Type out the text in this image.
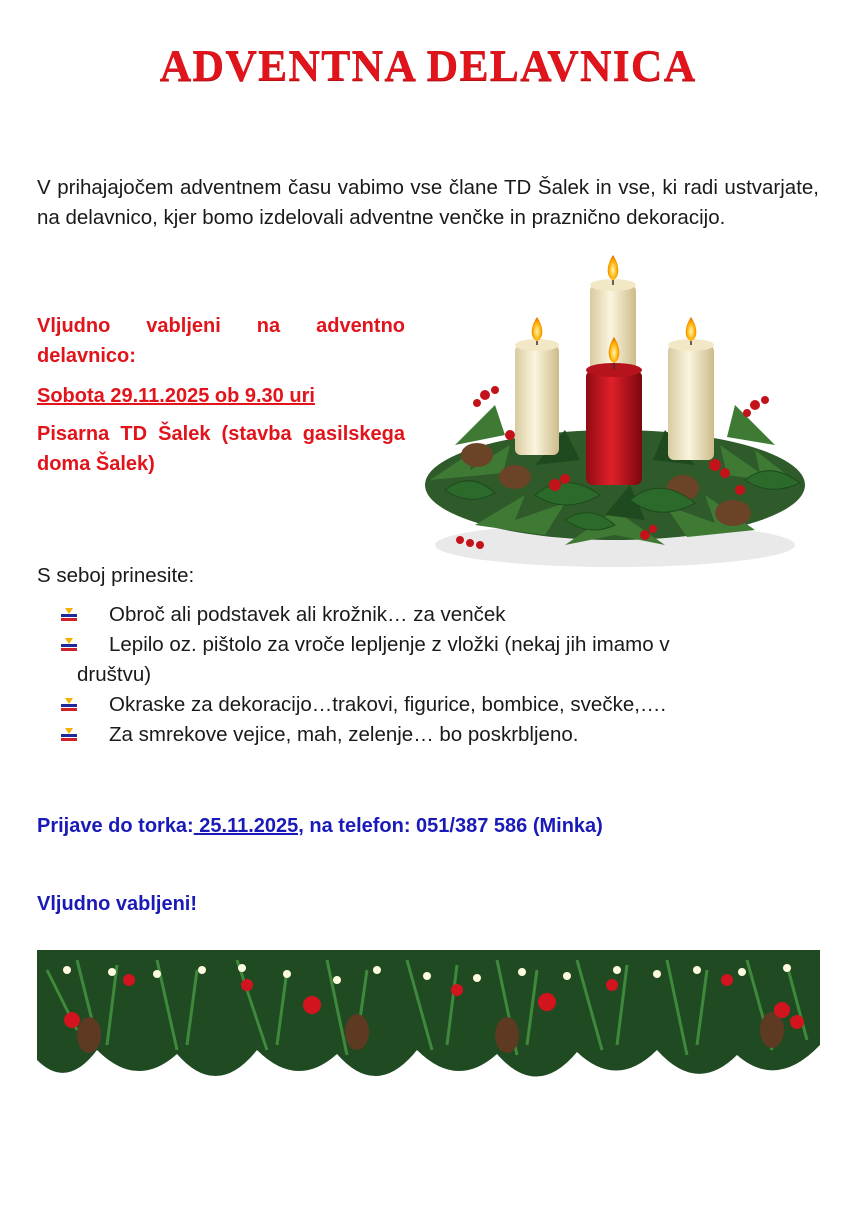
ADVENTNA DELAVNICA
V prihajajočem adventnem času vabimo vse člane TD Šalek in vse, ki radi ustvarjate, na delavnico, kjer bomo izdelovali adventne venčke in praznično dekoracijo.
Vljudno vabljeni na adventno delavnico:
Sobota 29.11.2025 ob 9.30 uri
Pisarna TD Šalek (stavba gasilskega doma Šalek)
S seboj prinesite:
Obroč ali podstavek ali krožnik… za venček
Lepilo oz. pištolo za vroče lepljenje z vložki (nekaj jih imamo v
društvu)
Okraske za dekoracijo…trakovi, figurice, bombice, svečke,….
Za smrekove vejice, mah, zelenje… bo poskrbljeno.
Prijave do torka: 25.11.2025, na telefon: 051/387 586 (Minka)
Vljudno vabljeni!
